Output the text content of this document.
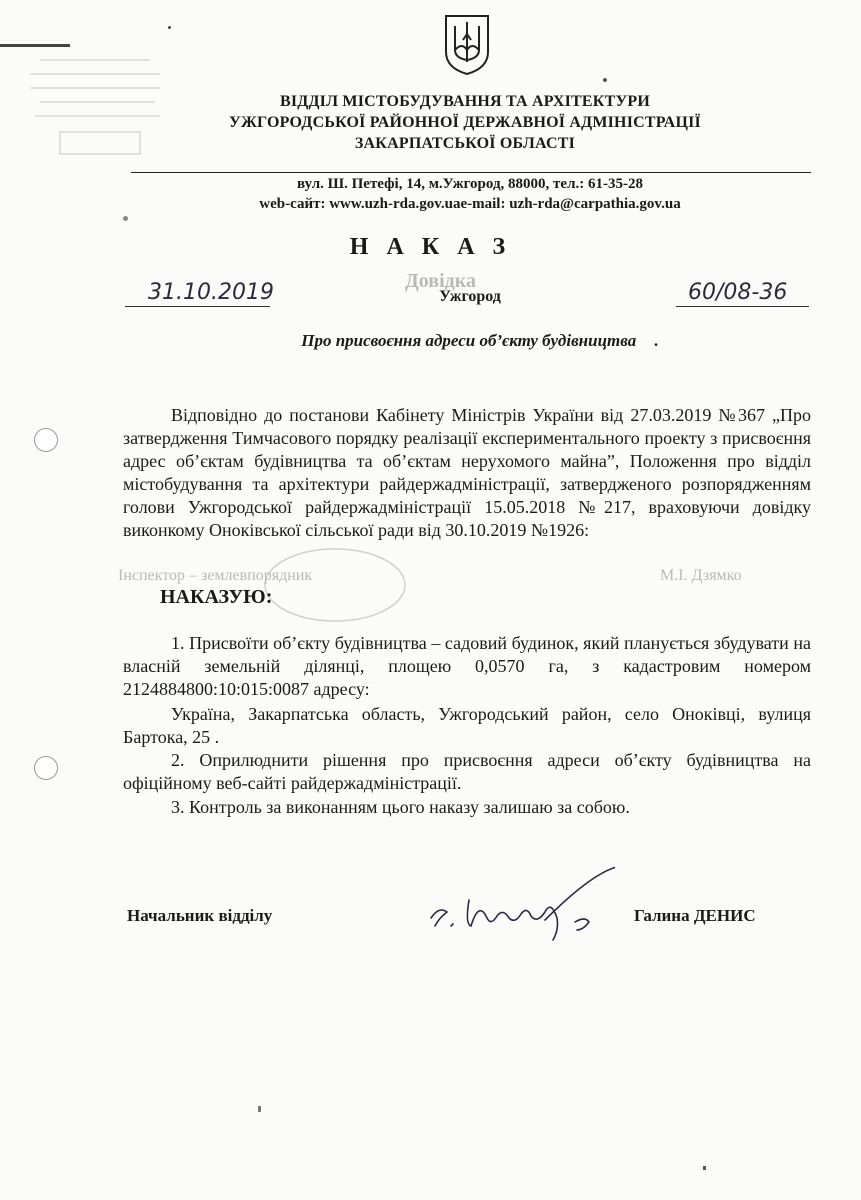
ВІДДІЛ МІСТОБУДУВАННЯ ТА АРХІТЕКТУРИ
УЖГОРОДСЬКОЇ РАЙОННОЇ ДЕРЖАВНОЇ АДМІНІСТРАЦІЇ
ЗАКАРПАТСЬКОЇ ОБЛАСТІ
вул. Ш. Петефі, 14, м.Ужгород, 88000, тел.: 61-35-28
web-сайт: www.uzh-rda.gov.uae-mail: uzh-rda@carpathia.gov.ua
Довідка
Н А К А З
31.10.2019	Ужгород	60/08-36
Про присвоєння адреси об’єкту будівництва .
Відповідно до постанови Кабінету Міністрів України від 27.03.2019 №367 „Про затвердження Тимчасового порядку реалізації експериментального проекту з присвоєння адрес об’єктам будівництва та об’єктам нерухомого майна”, Положення про відділ містобудування та архітектури райдержадміністрації, затвердженого розпорядженням голови Ужгородської райдержадміністрації 15.05.2018 №217, враховуючи довідку виконкому Оноківської сільської ради від 30.10.2019 №1926:
Інспектор – землевпорядник	М.І. Дзямко
НАКАЗУЮ:
1. Присвоїти об’єкту будівництва – садовий будинок, який планується збудувати на власній земельній ділянці, площею 0,0570 га, з кадастровим номером 2124884800:10:015:0087 адресу:
Україна, Закарпатська область, Ужгородський район, село Оноківці, вулиця Бартока, 25 .
2. Оприлюднити рішення про присвоєння адреси об’єкту будівництва на офіційному веб-сайті райдержадміністрації.
3. Контроль за виконанням цього наказу залишаю за собою.
Начальник відділу	Галина ДЕНИС
